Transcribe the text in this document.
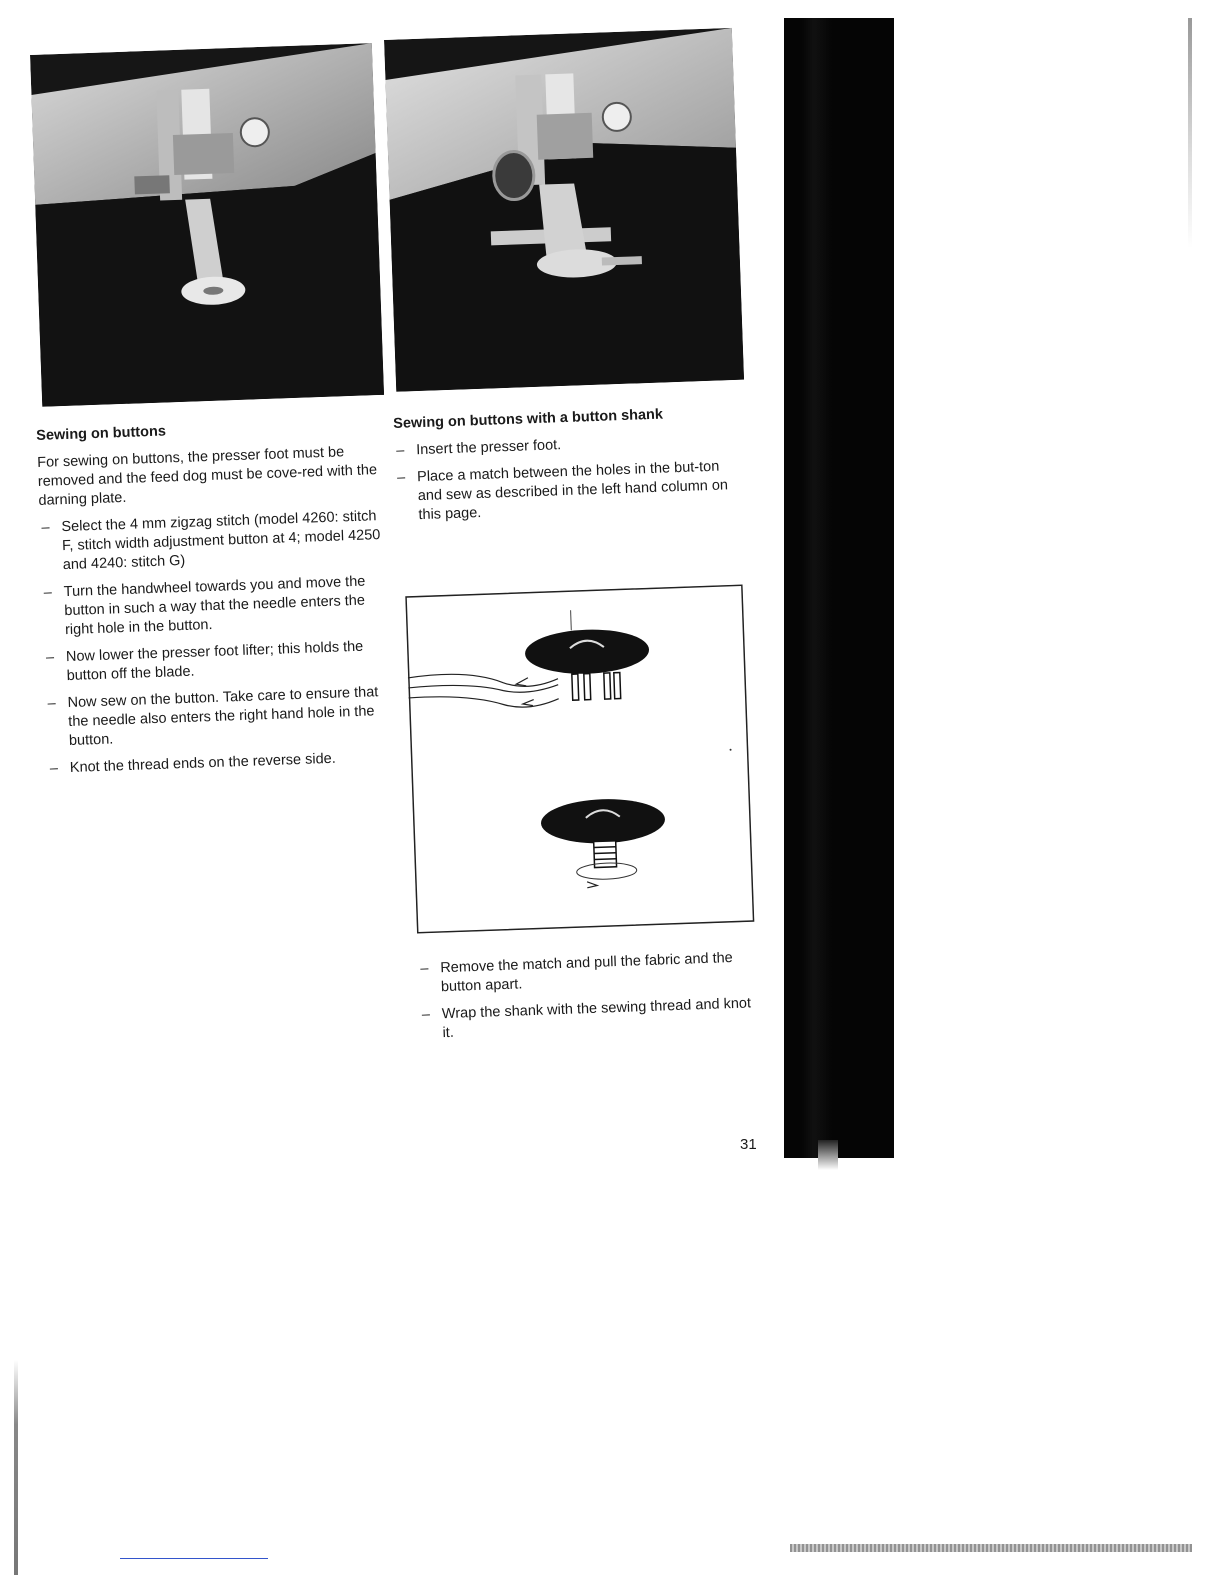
Sewing on buttons

For sewing on buttons, the presser foot must be removed and the feed dog must be cove-red with the darning plate.

– Select the 4 mm zigzag stitch (model 4260: stitch F, stitch width adjustment button at 4; model 4250 and 4240: stitch G)
– Turn the handwheel towards you and move the button in such a way that the needle enters the right hole in the button.
– Now lower the presser foot lifter; this holds the button off the blade.
– Now sew on the button. Take care to ensure that the needle also enters the right hand hole in the button.
– Knot the thread ends on the reverse side.
Sewing on buttons with a button shank
– Insert the presser foot.
– Place a match between the holes in the but-ton and sew as described in the left hand column on this page.
– Remove the match and pull the fabric and the button apart.
– Wrap the shank with the sewing thread and knot it.
31
